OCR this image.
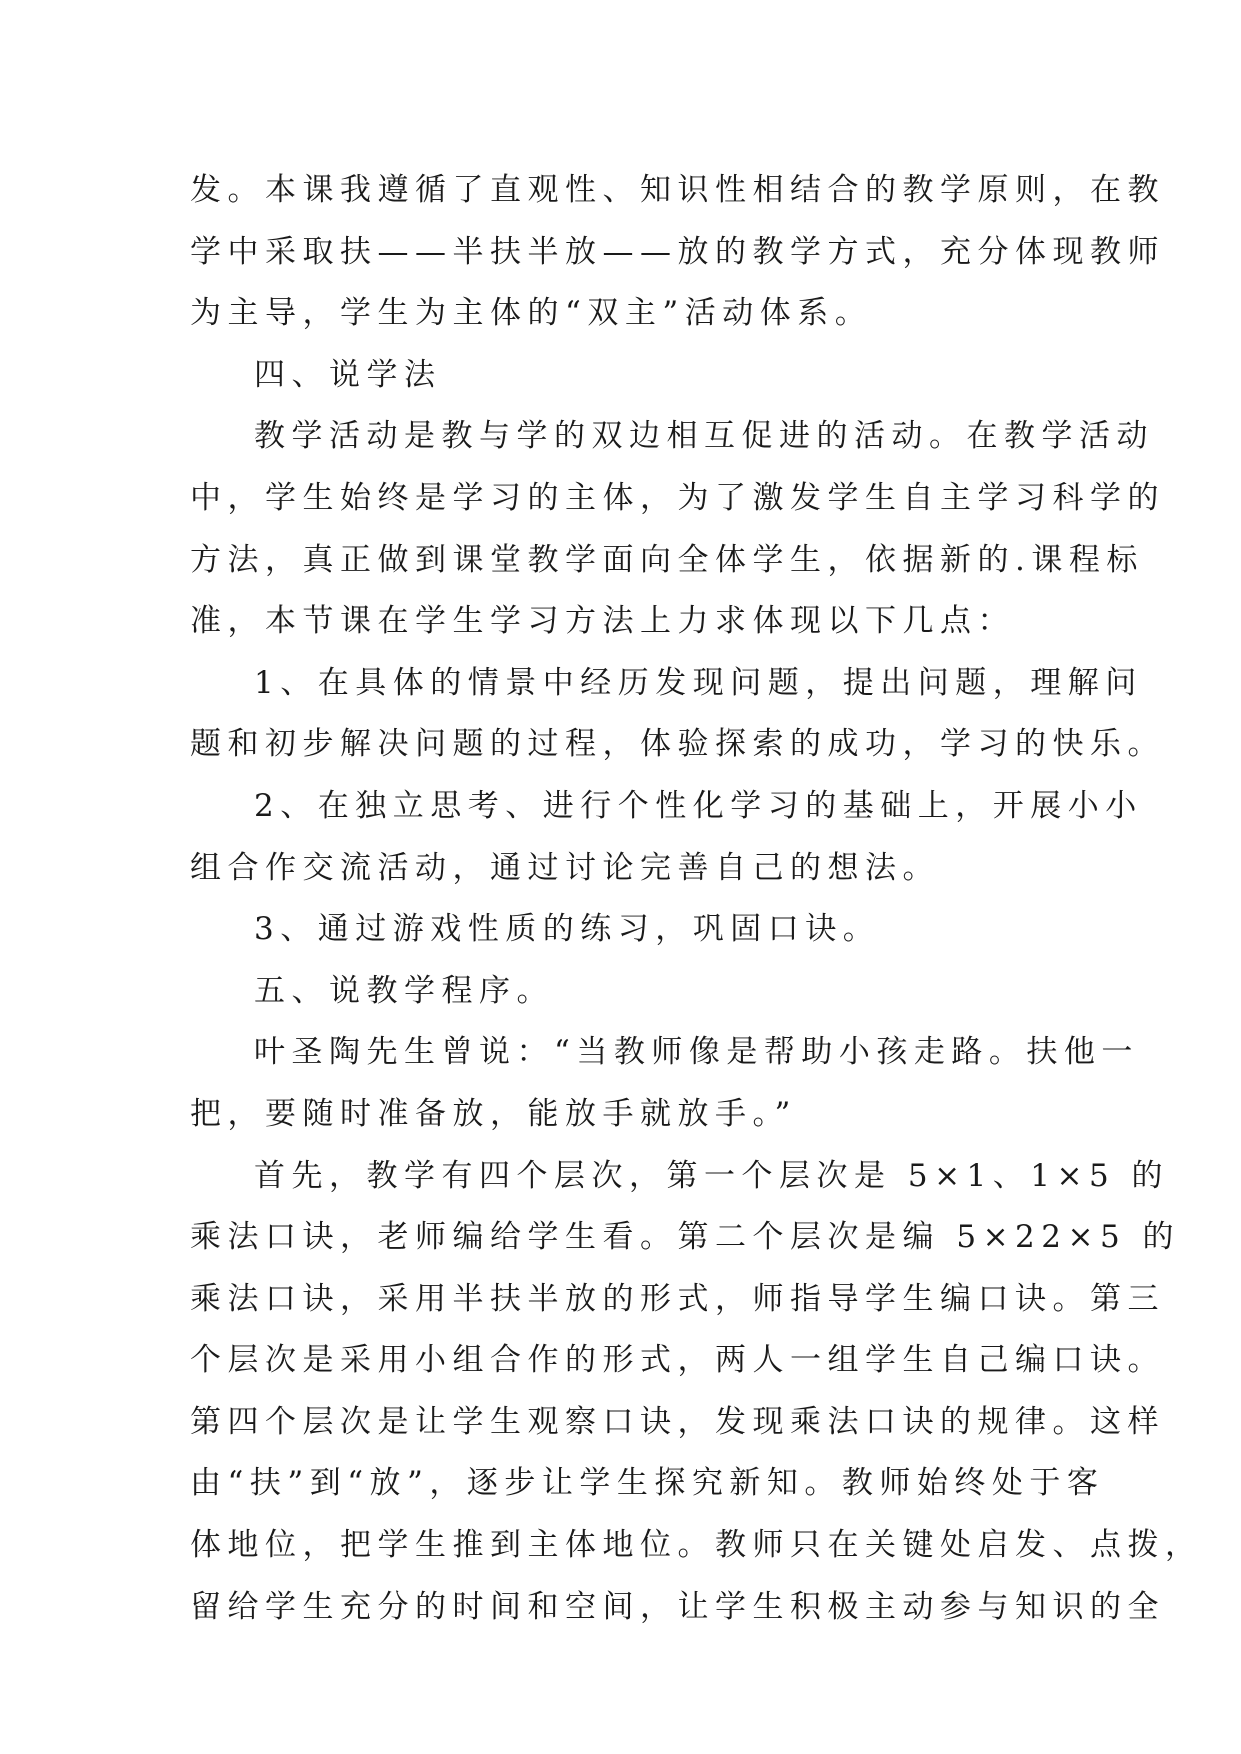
发。本课我遵循了直观性、知识性相结合的教学原则，在教
学中采取扶——半扶半放——放的教学方式，充分体现教师
为主导，学生为主体的“双主”活动体系。
四、说学法
教学活动是教与学的双边相互促进的活动。在教学活动
中，学生始终是学习的主体，为了激发学生自主学习科学的
方法，真正做到课堂教学面向全体学生，依据新的.课程标
准，本节课在学生学习方法上力求体现以下几点：
1、在具体的情景中经历发现问题，提出问题，理解问
题和初步解决问题的过程，体验探索的成功，学习的快乐。
2、在独立思考、进行个性化学习的基础上，开展小小
组合作交流活动，通过讨论完善自己的想法。
3、通过游戏性质的练习，巩固口诀。
五、说教学程序。
叶圣陶先生曾说：“当教师像是帮助小孩走路。扶他一
把，要随时准备放，能放手就放手。”
首先，教学有四个层次，第一个层次是 5×1、1×5 的
乘法口诀，老师编给学生看。第二个层次是编 5×22×5 的
乘法口诀，采用半扶半放的形式，师指导学生编口诀。第三
个层次是采用小组合作的形式，两人一组学生自己编口诀。
第四个层次是让学生观察口诀，发现乘法口诀的规律。这样
由“扶”到“放”，逐步让学生探究新知。教师始终处于客
体地位，把学生推到主体地位。教师只在关键处启发、点拨，
留给学生充分的时间和空间，让学生积极主动参与知识的全
